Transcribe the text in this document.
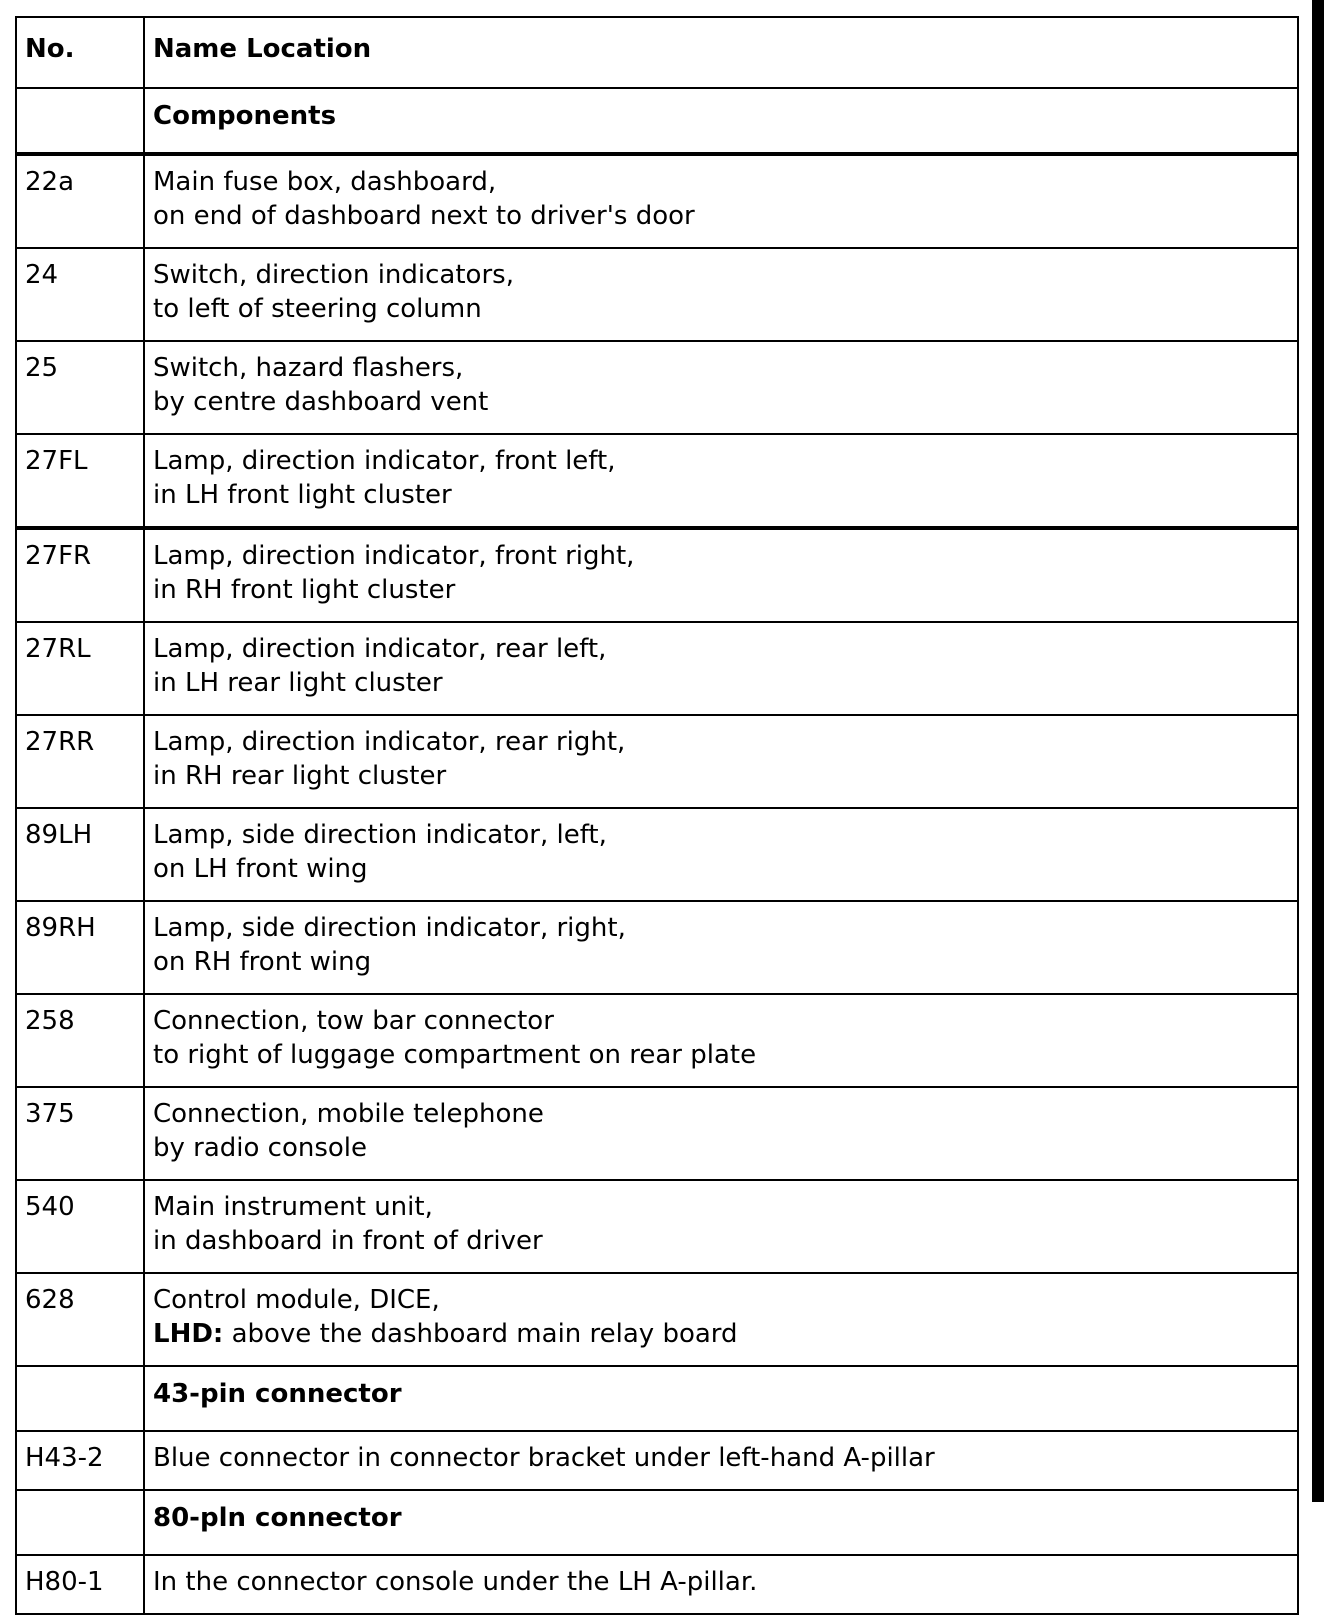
No.	Name Location
	Components
22a	Main fuse box, dashboard,
on end of dashboard next to driver's door

24	Switch, direction indicators,
to left of steering column

25	Switch, hazard flashers,
by centre dashboard vent

27FL	Lamp, direction indicator, front left,
in LH front light cluster

27FR	Lamp, direction indicator, front right,
in RH front light cluster

27RL	Lamp, direction indicator, rear left,
in LH rear light cluster

27RR	Lamp, direction indicator, rear right,
in RH rear light cluster

89LH	Lamp, side direction indicator, left,
on LH front wing

89RH	Lamp, side direction indicator, right,
on RH front wing

258	Connection, tow bar connector
to right of luggage compartment on rear plate

375	Connection, mobile telephone
by radio console

540	Main instrument unit,
in dashboard in front of driver

628	Control module, DICE,
LHD: above the dashboard main relay board

	43-pin connector
H43-2	Blue connector in connector bracket under left-hand A-pillar
	80-pln connector
H80-1	In the connector console under the LH A-pillar.
